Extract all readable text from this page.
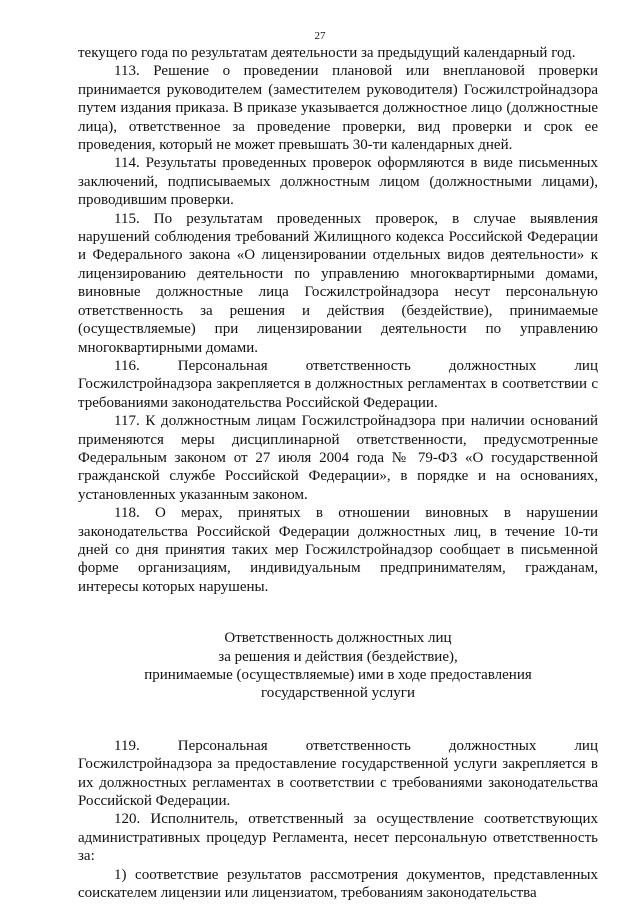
27

текущего года по результатам деятельности за предыдущий календарный год.

113. Решение о проведении плановой или внеплановой проверки принимается руководителем (заместителем руководителя) Госжилстройнадзора путем издания приказа. В приказе указывается должностное лицо (должностные лица), ответственное за проведение проверки, вид проверки и срок ее проведения, который не может превышать 30-ти календарных дней.

114. Результаты проведенных проверок оформляются в виде письменных заключений, подписываемых должностным лицом (должностными лицами), проводившим проверки.

115. По результатам проведенных проверок, в случае выявления нарушений соблюдения требований Жилищного кодекса Российской Федерации и Федерального закона «О лицензировании отдельных видов деятельности» к лицензированию деятельности по управлению многоквартирными домами, виновные должностные лица Госжилстройнадзора несут персональную ответственность за решения и действия (бездействие), принимаемые (осуществляемые) при лицензировании деятельности по управлению многоквартирными домами.

116. Персональная ответственность должностных лиц Госжилстройнадзора закрепляется в должностных регламентах в соответствии с требованиями законодательства Российской Федерации.

117. К должностным лицам Госжилстройнадзора при наличии оснований применяются меры дисциплинарной ответственности, предусмотренные Федеральным законом от 27 июля 2004 года № 79-ФЗ «О государственной гражданской службе Российской Федерации», в порядке и на основаниях, установленных указанным законом.

118. О мерах, принятых в отношении виновных в нарушении законодательства Российской Федерации должностных лиц, в течение 10-ти дней со дня принятия таких мер Госжилстройнадзор сообщает в письменной форме организациям, индивидуальным предпринимателям, гражданам, интересы которых нарушены.

Ответственность должностных лиц
за решения и действия (бездействие),
принимаемые (осуществляемые) ими в ходе предоставления
государственной услуги

119. Персональная ответственность должностных лиц Госжилстройнадзора за предоставление государственной услуги закрепляется в их должностных регламентах в соответствии с требованиями законодательства Российской Федерации.

120. Исполнитель, ответственный за осуществление соответствующих административных процедур Регламента, несет персональную ответственность за:

1) соответствие результатов рассмотрения документов, представленных соискателем лицензии или лицензиатом, требованиям законодательства
